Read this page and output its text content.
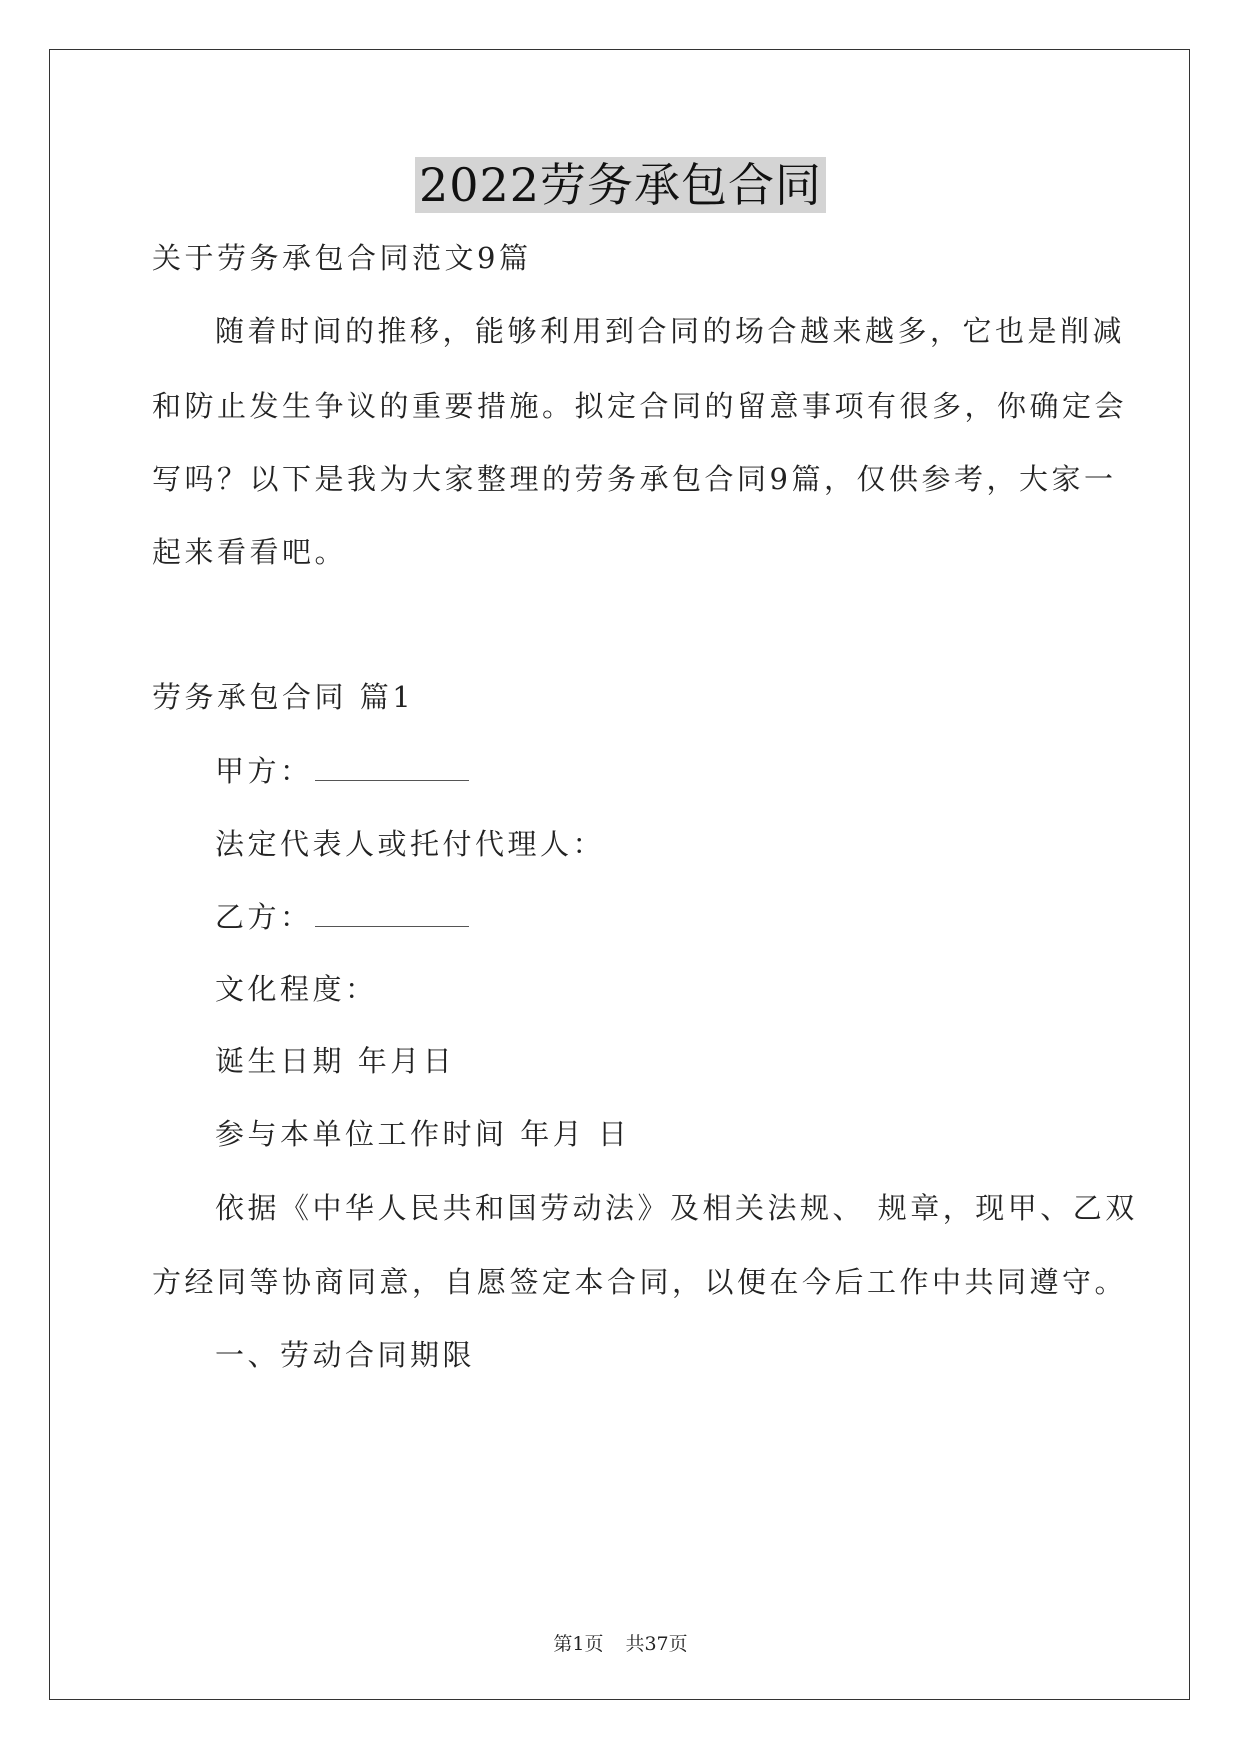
2022劳务承包合同
关于劳务承包合同范文9篇
随着时间的推移，能够利用到合同的场合越来越多，它也是削减
和防止发生争议的重要措施。拟定合同的留意事项有很多，你确定会
写吗？以下是我为大家整理的劳务承包合同9篇，仅供参考，大家一
起来看看吧。
劳务承包合同 篇1
甲方：
法定代表人或托付代理人：
乙方：
文化程度：
诞生日期 年月日
参与本单位工作时间 年月 日
依据《中华人民共和国劳动法》及相关法规、 规章，现甲、乙双
方经同等协商同意，自愿签定本合同，以便在今后工作中共同遵守。
一、劳动合同期限
第1页 共37页
